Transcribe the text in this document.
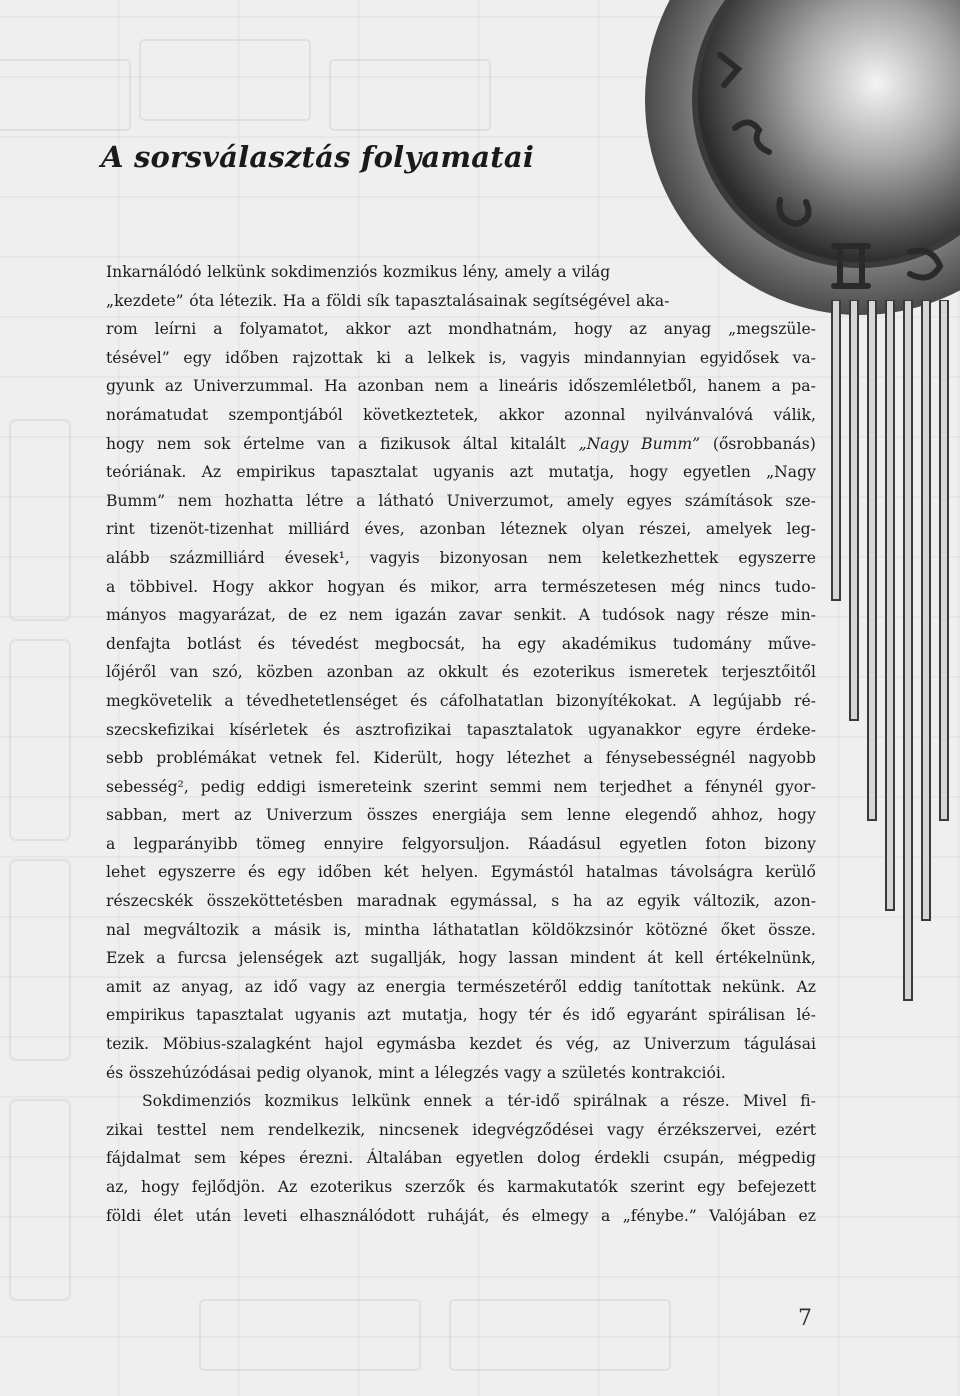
A sorsválasztás folyamatai
Inkarnálódó lelkünk sokdimenziós kozmikus lény, amely a világ
„kezdete” óta létezik. Ha a földi sík tapasztalásainak segítségével aka-
rom leírni a folyamatot, akkor azt mondhatnám, hogy az anyag „megszüle-
tésével” egy időben rajzottak ki a lelkek is, vagyis mindannyian egyidősek va-
gyunk az Univerzummal. Ha azonban nem a lineáris időszemléletből, hanem a pa-
norámatudat szempontjából következtetek, akkor azonnal nyilvánvalóvá válik,
hogy nem sok értelme van a fizikusok által kitalált „Nagy Bumm” (ősrobbanás)
teóriának. Az empirikus tapasztalat ugyanis azt mutatja, hogy egyetlen „Nagy
Bumm” nem hozhatta létre a látható Univerzumot, amely egyes számítások sze-
rint tizenöt-tizenhat milliárd éves, azonban léteznek olyan részei, amelyek leg-
alább százmilliárd évesek¹, vagyis bizonyosan nem keletkezhettek egyszerre
a többivel. Hogy akkor hogyan és mikor, arra természetesen még nincs tudo-
mányos magyarázat, de ez nem igazán zavar senkit. A tudósok nagy része min-
denfajta botlást és tévedést megbocsát, ha egy akadémikus tudomány műve-
lőjéről van szó, közben azonban az okkult és ezoterikus ismeretek terjesztőitől
megkövetelik a tévedhetetlenséget és cáfolhatatlan bizonyítékokat. A legújabb ré-
szecskefizikai kísérletek és asztrofizikai tapasztalatok ugyanakkor egyre érdeke-
sebb problémákat vetnek fel. Kiderült, hogy létezhet a fénysebességnél nagyobb
sebesség², pedig eddigi ismereteink szerint semmi nem terjedhet a fénynél gyor-
sabban, mert az Univerzum összes energiája sem lenne elegendő ahhoz, hogy
a legparányibb tömeg ennyire felgyorsuljon. Ráadásul egyetlen foton bizony
lehet egyszerre és egy időben két helyen. Egymástól hatalmas távolságra kerülő
részecskék összeköttetésben maradnak egymással, s ha az egyik változik, azon-
nal megváltozik a másik is, mintha láthatatlan köldökzsinór kötözné őket össze.
Ezek a furcsa jelenségek azt sugallják, hogy lassan mindent át kell értékelnünk,
amit az anyag, az idő vagy az energia természetéről eddig tanítottak nekünk. Az
empirikus tapasztalat ugyanis azt mutatja, hogy tér és idő egyaránt spirálisan lé-
tezik. Möbius-szalagként hajol egymásba kezdet és vég, az Univerzum tágulásai
és összehúzódásai pedig olyanok, mint a lélegzés vagy a születés kontrakciói.
Sokdimenziós kozmikus lelkünk ennek a tér-idő spirálnak a része. Mivel fi-
zikai testtel nem rendelkezik, nincsenek idegvégződései vagy érzékszervei, ezért
fájdalmat sem képes érezni. Általában egyetlen dolog érdekli csupán, mégpedig
az, hogy fejlődjön. Az ezoterikus szerzők és karmakutatók szerint egy befejezett
földi élet után leveti elhasználódott ruháját, és elmegy a „fénybe.” Valójában ez
7
